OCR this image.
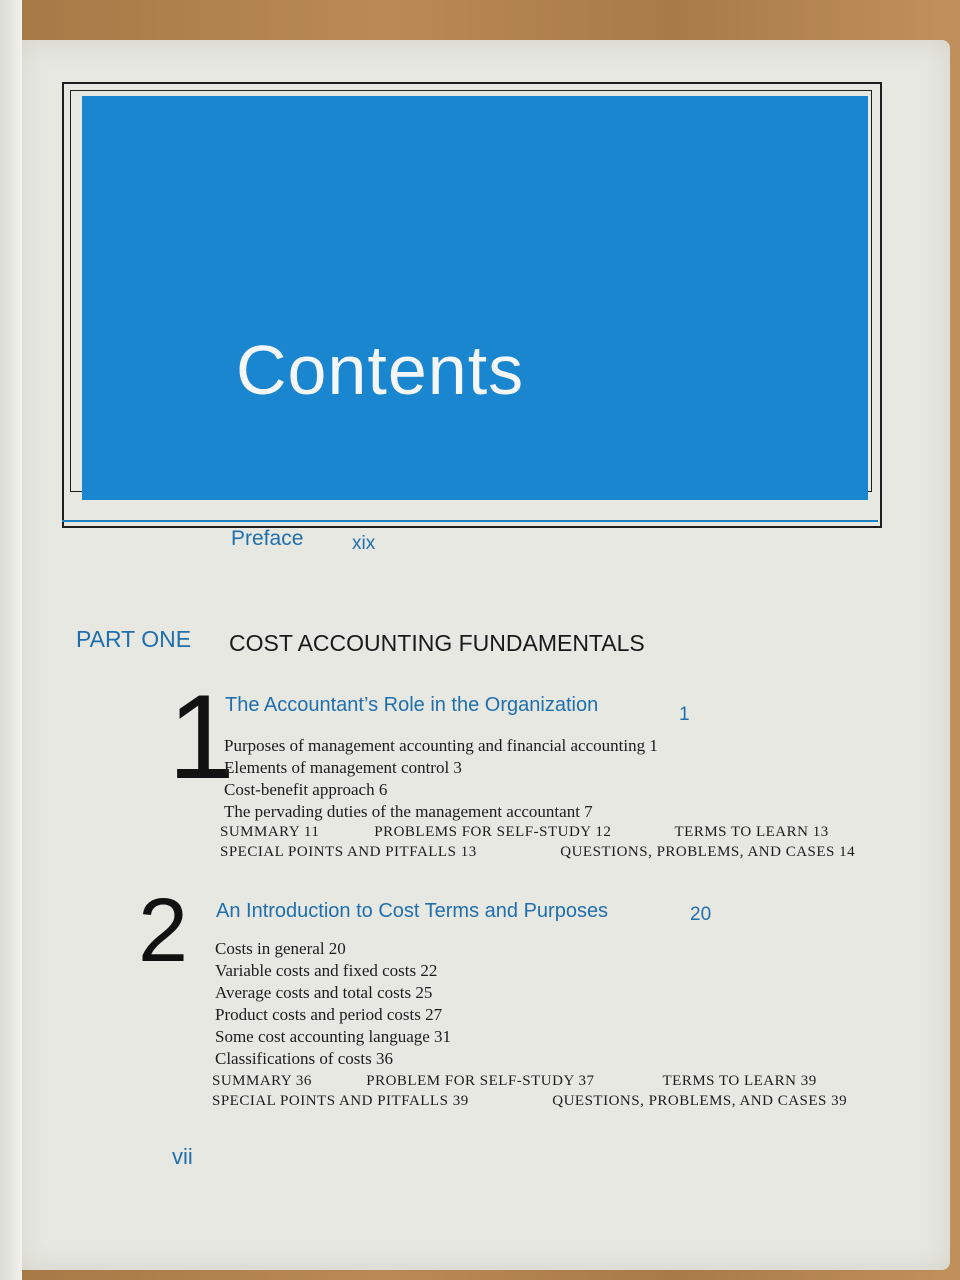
Contents
Preface	xix
PART ONE COST ACCOUNTING FUNDAMENTALS
1
The Accountant’s Role in the Organization	1
Purposes of management accounting and financial accounting 1
Elements of management control 3
Cost-benefit approach 6
The pervading duties of the management accountant 7
SUMMARY 11	PROBLEMS FOR SELF-STUDY 12	TERMS TO LEARN 13
SPECIAL POINTS AND PITFALLS 13	QUESTIONS, PROBLEMS, AND CASES 14
2 An Introduction to Cost Terms and Purposes	20
Costs in general 20
Variable costs and fixed costs 22
Average costs and total costs 25
Product costs and period costs 27
Some cost accounting language 31
Classifications of costs 36
SUMMARY 36	PROBLEM FOR SELF-STUDY 37	TERMS TO LEARN 39
SPECIAL POINTS AND PITFALLS 39	QUESTIONS, PROBLEMS, AND CASES 39
vii
